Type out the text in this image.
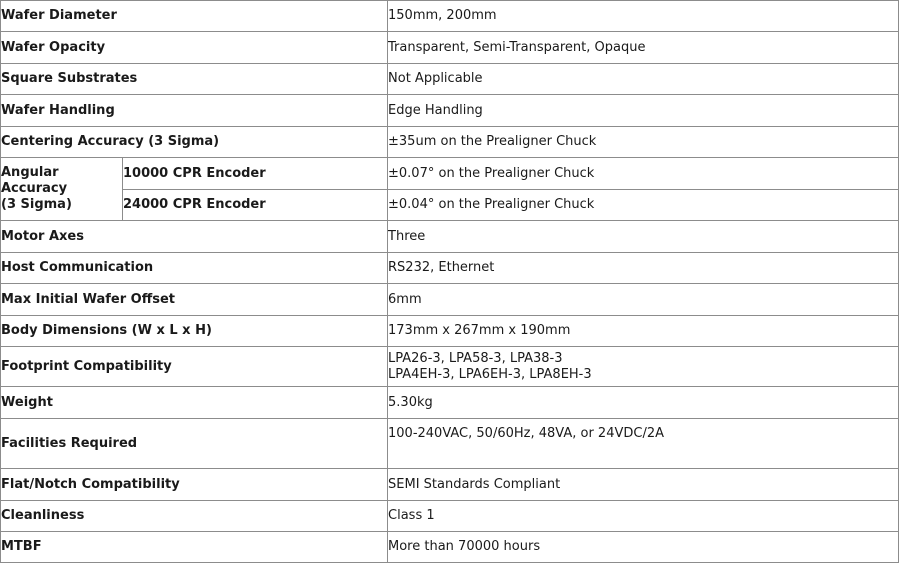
Wafer Diameter		150mm, 200mm
Wafer Opacity		Transparent, Semi-Transparent, Opaque
Square Substrates		Not Applicable
Wafer Handling		Edge Handling
Centering Accuracy (3 Sigma)		±35um on the Prealigner Chuck

Angular
Accuracy
(3 Sigma)	10000 CPR Encoder	±0.07° on the Prealigner Chuck
	24000 CPR Encoder	±0.04° on the Prealigner Chuck
Motor Axes		Three
Host Communication		RS232, Ethernet
Max Initial Wafer Offset		6mm
Body Dimensions (W x L x H)		173mm x 267mm x 190mm
Footprint Compatibility		LPA26-3, LPA58-3, LPA38-3
LPA4EH-3, LPA6EH-3, LPA8EH-3

Weight		5.30kg
Facilities Required		100-240VAC, 50/60Hz, 48VA, or 24VDC/2A
Flat/Notch Compatibility		SEMI Standards Compliant
Cleanliness		Class 1
MTBF		More than 70000 hours
